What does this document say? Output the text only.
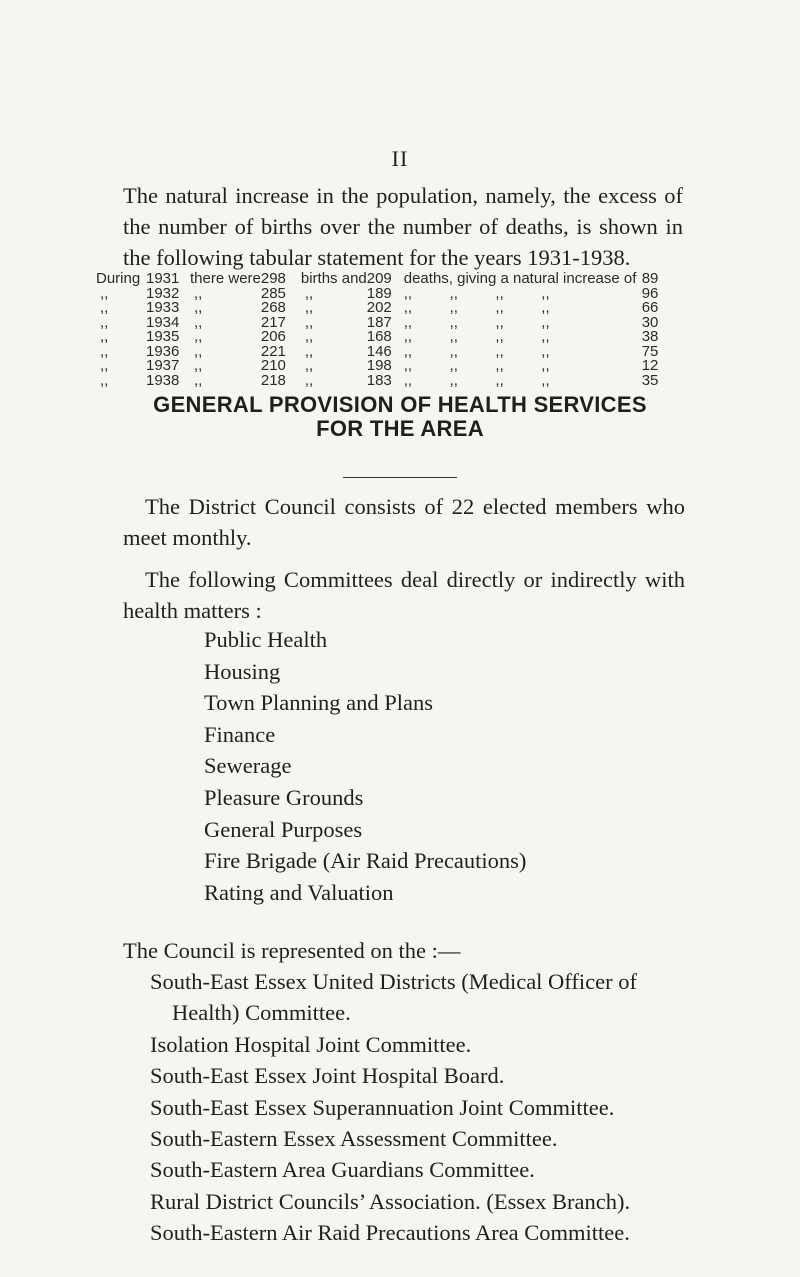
II

The natural increase in the population, namely, the excess of the number of births over the number of deaths, is shown in the following tabular statement for the years 1931-1938.

During	1931	there were	298	births and	209	deaths, giving a natural increase of	89
,,	1932	,,	285	,,	189	,,         ,,         ,,         ,,	96
,,	1933	,,	268	,,	202	,,         ,,         ,,         ,,	66
,,	1934	,,	217	,,	187	,,         ,,         ,,         ,,	30
,,	1935	,,	206	,,	168	,,         ,,         ,,         ,,	38
,,	1936	,,	221	,,	146	,,         ,,         ,,         ,,	75
,,	1937	,,	210	,,	198	,,         ,,         ,,         ,,	12
,,	1938	,,	218	,,	183	,,         ,,         ,,         ,,	35
GENERAL PROVISION OF HEALTH SERVICES
FOR THE AREA

The District Council consists of 22 elected members who meet monthly.

The following Committees deal directly or indirectly with health matters :

Public Health
Housing
Town Planning and Plans
Finance
Sewerage
Pleasure Grounds
General Purposes
Fire Brigade (Air Raid Precautions)
Rating and Valuation
The Council is represented on the :—
South-East Essex United Districts (Medical Officer of Health) Committee.
Isolation Hospital Joint Committee.
South-East Essex Joint Hospital Board.
South-East Essex Superannuation Joint Committee.
South-Eastern Essex Assessment Committee.
South-Eastern Area Guardians Committee.
Rural District Councils’ Association. (Essex Branch).
South-Eastern Air Raid Precautions Area Committee.
